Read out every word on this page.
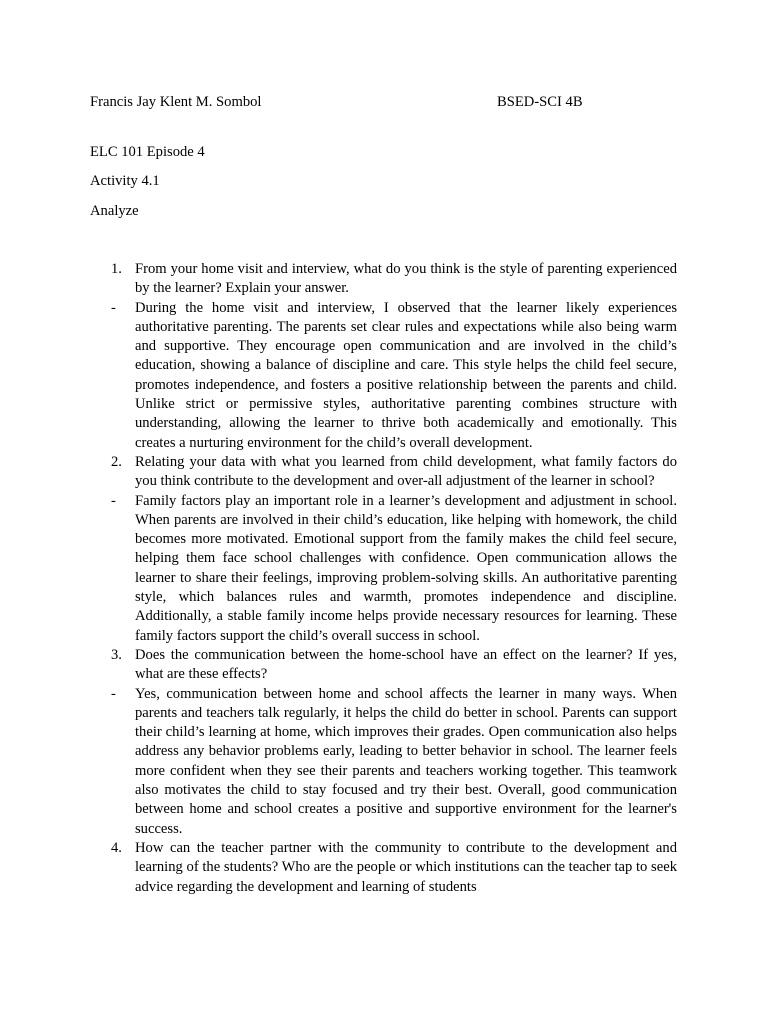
Francis Jay Klent M. Sombol	BSED-SCI 4B
ELC 101 Episode 4
Activity 4.1
Analyze
1. From your home visit and interview, what do you think is the style of parenting experienced by the learner? Explain your answer.
-	During the home visit and interview, I observed that the learner likely experiences authoritative parenting. The parents set clear rules and expectations while also being warm and supportive. They encourage open communication and are involved in the child’s education, showing a balance of discipline and care. This style helps the child feel secure, promotes independence, and fosters a positive relationship between the parents and child. Unlike strict or permissive styles, authoritative parenting combines structure with understanding, allowing the learner to thrive both academically and emotionally. This creates a nurturing environment for the child’s overall development.
2. Relating your data with what you learned from child development, what family factors do you think contribute to the development and over-all adjustment of the learner in school?
-	Family factors play an important role in a learner’s development and adjustment in school. When parents are involved in their child’s education, like helping with homework, the child becomes more motivated. Emotional support from the family makes the child feel secure, helping them face school challenges with confidence. Open communication allows the learner to share their feelings, improving problem-solving skills. An authoritative parenting style, which balances rules and warmth, promotes independence and discipline. Additionally, a stable family income helps provide necessary resources for learning. These family factors support the child’s overall success in school.
3. Does the communication between the home-school have an effect on the learner? If yes, what are these effects?
-	Yes, communication between home and school affects the learner in many ways. When parents and teachers talk regularly, it helps the child do better in school. Parents can support their child’s learning at home, which improves their grades. Open communication also helps address any behavior problems early, leading to better behavior in school. The learner feels more confident when they see their parents and teachers working together. This teamwork also motivates the child to stay focused and try their best. Overall, good communication between home and school creates a positive and supportive environment for the learner's success.
4. How can the teacher partner with the community to contribute to the development and learning of the students? Who are the people or which institutions can the teacher tap to seek advice regarding the development and learning of students
